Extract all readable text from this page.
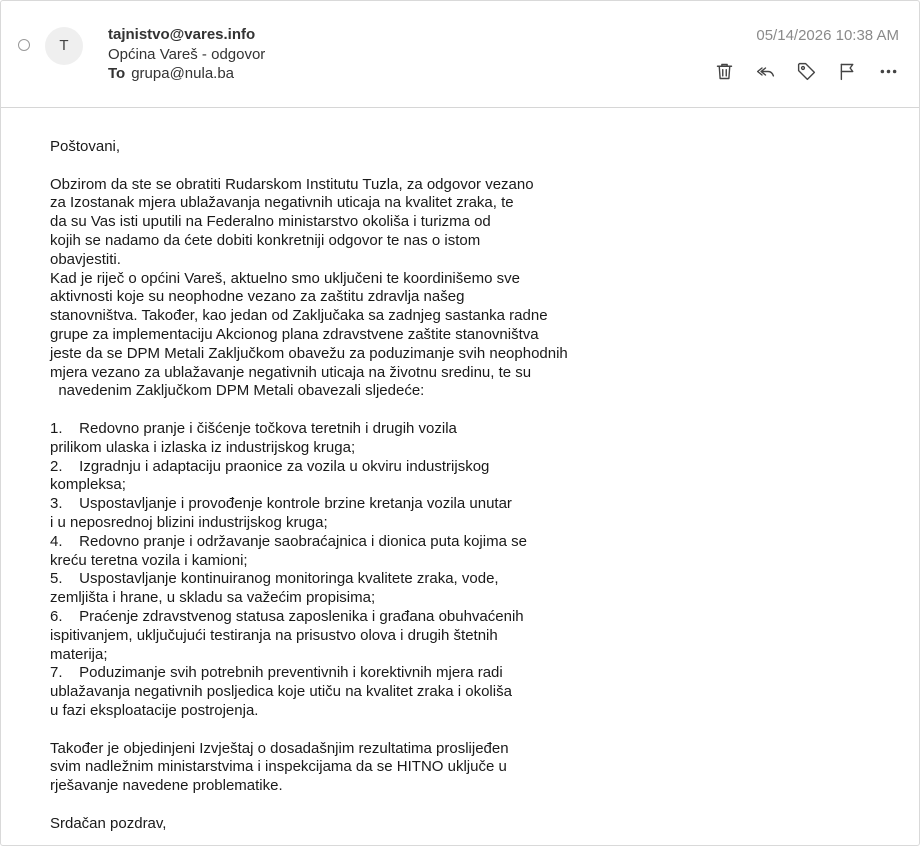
T
tajnistvo@vares.info
Općina Vareš - odgovor
To grupa@nula.ba
05/14/2026 10:38 AM
Poštovani,
Obzirom da ste se obratiti Rudarskom Institutu Tuzla, za odgovor vezano
za Izostanak mjera ublažavanja negativnih uticaja na kvalitet zraka, te
da su Vas isti uputili na Federalno ministarstvo okoliša i turizma od
kojih se nadamo da ćete dobiti konkretniji odgovor te nas o istom
obavjestiti.
Kad je riječ o općini Vareš, aktuelno smo uključeni te koordinišemo sve
aktivnosti koje su neophodne vezano za zaštitu zdravlja našeg
stanovništva. Također, kao jedan od Zaključaka sa zadnjeg sastanka radne
grupe za implementaciju Akcionog plana zdravstvene zaštite stanovništva
jeste da se DPM Metali Zaključkom obavežu za poduzimanje svih neophodnih
mjera vezano za ublažavanje negativnih uticaja na životnu sredinu, te su
navedenim Zaključkom DPM Metali obavezali sljedeće:
1.    Redovno pranje i čišćenje točkova teretnih i drugih vozila
prilikom ulaska i izlaska iz industrijskog kruga;
2.    Izgradnju i adaptaciju praonice za vozila u okviru industrijskog
kompleksa;
3.    Uspostavljanje i provođenje kontrole brzine kretanja vozila unutar
i u neposrednoj blizini industrijskog kruga;
4.    Redovno pranje i održavanje saobraćajnica i dionica puta kojima se
kreću teretna vozila i kamioni;
5.    Uspostavljanje kontinuiranog monitoringa kvalitete zraka, vode,
zemljišta i hrane, u skladu sa važećim propisima;
6.    Praćenje zdravstvenog statusa zaposlenika i građana obuhvaćenih
ispitivanjem, uključujući testiranja na prisustvo olova i drugih štetnih
materija;
7.    Poduzimanje svih potrebnih preventivnih i korektivnih mjera radi
ublažavanja negativnih posljedica koje utiču na kvalitet zraka i okoliša
u fazi eksploatacije postrojenja.
Također je objedinjeni Izvještaj o dosadašnjim rezultatima proslijeđen
svim nadležnim ministarstvima i inspekcijama da se HITNO uključe u
rješavanje navedene problematike.
Srdačan pozdrav,
